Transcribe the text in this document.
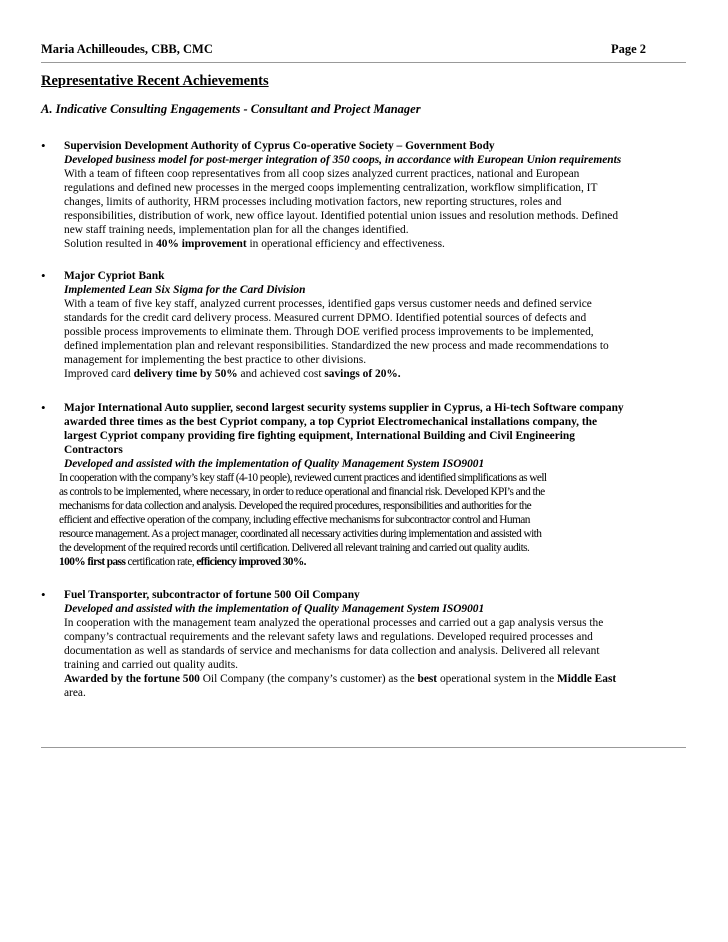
Maria Achilleoudes, CBB, CMC	Page 2
Representative Recent Achievements
A. Indicative Consulting Engagements - Consultant and Project Manager
• Supervision Development Authority of Cyprus Co-operative Society – Government Body

Developed business model for post-merger integration of 350 coops, in accordance with European Union requirements

With a team of fifteen coop representatives from all coop sizes analyzed current practices, national and European

regulations and defined new processes in the merged coops implementing centralization, workflow simplification, IT

changes, limits of authority, HRM processes including motivation factors, new reporting structures, roles and

responsibilities, distribution of work, new office layout. Identified potential union issues and resolution methods. Defined

new staff training needs, implementation plan for all the changes identified.

Solution resulted in 40% improvement in operational efficiency and effectiveness.

• Major Cypriot Bank

Implemented Lean Six Sigma for the Card Division

With a team of five key staff, analyzed current processes, identified gaps versus customer needs and defined service

standards for the credit card delivery process. Measured current DPMO. Identified potential sources of defects and

possible process improvements to eliminate them. Through DOE verified process improvements to be implemented,

defined implementation plan and relevant responsibilities. Standardized the new process and made recommendations to

management for implementing the best practice to other divisions.

Improved card delivery time by 50% and achieved cost savings of 20%.

• Major International Auto supplier, second largest security systems supplier in Cyprus, a Hi-tech Software company

awarded three times as the best Cypriot company, a top Cypriot Electromechanical installations company, the

largest Cypriot company providing fire fighting equipment, International Building and Civil Engineering

Contractors

Developed and assisted with the implementation of Quality Management System ISO9001

In cooperation with the company’s key staff (4-10 people), reviewed current practices and identified simplifications as well

as controls to be implemented, where necessary, in order to reduce operational and financial risk. Developed KPI’s and the

mechanisms for data collection and analysis. Developed the required procedures, responsibilities and authorities for the

efficient and effective operation of the company, including effective mechanisms for subcontractor control and Human

resource management. As a project manager, coordinated all necessary activities during implementation and assisted with

the development of the required records until certification. Delivered all relevant training and carried out quality audits.

100% first pass certification rate, efficiency improved 30%.

• Fuel Transporter, subcontractor of fortune 500 Oil Company

Developed and assisted with the implementation of Quality Management System ISO9001

In cooperation with the management team analyzed the operational processes and carried out a gap analysis versus the

company’s contractual requirements and the relevant safety laws and regulations. Developed required processes and

documentation as well as standards of service and mechanisms for data collection and analysis. Delivered all relevant

training and carried out quality audits.

Awarded by the fortune 500 Oil Company (the company’s customer) as the best operational system in the Middle East

area.
